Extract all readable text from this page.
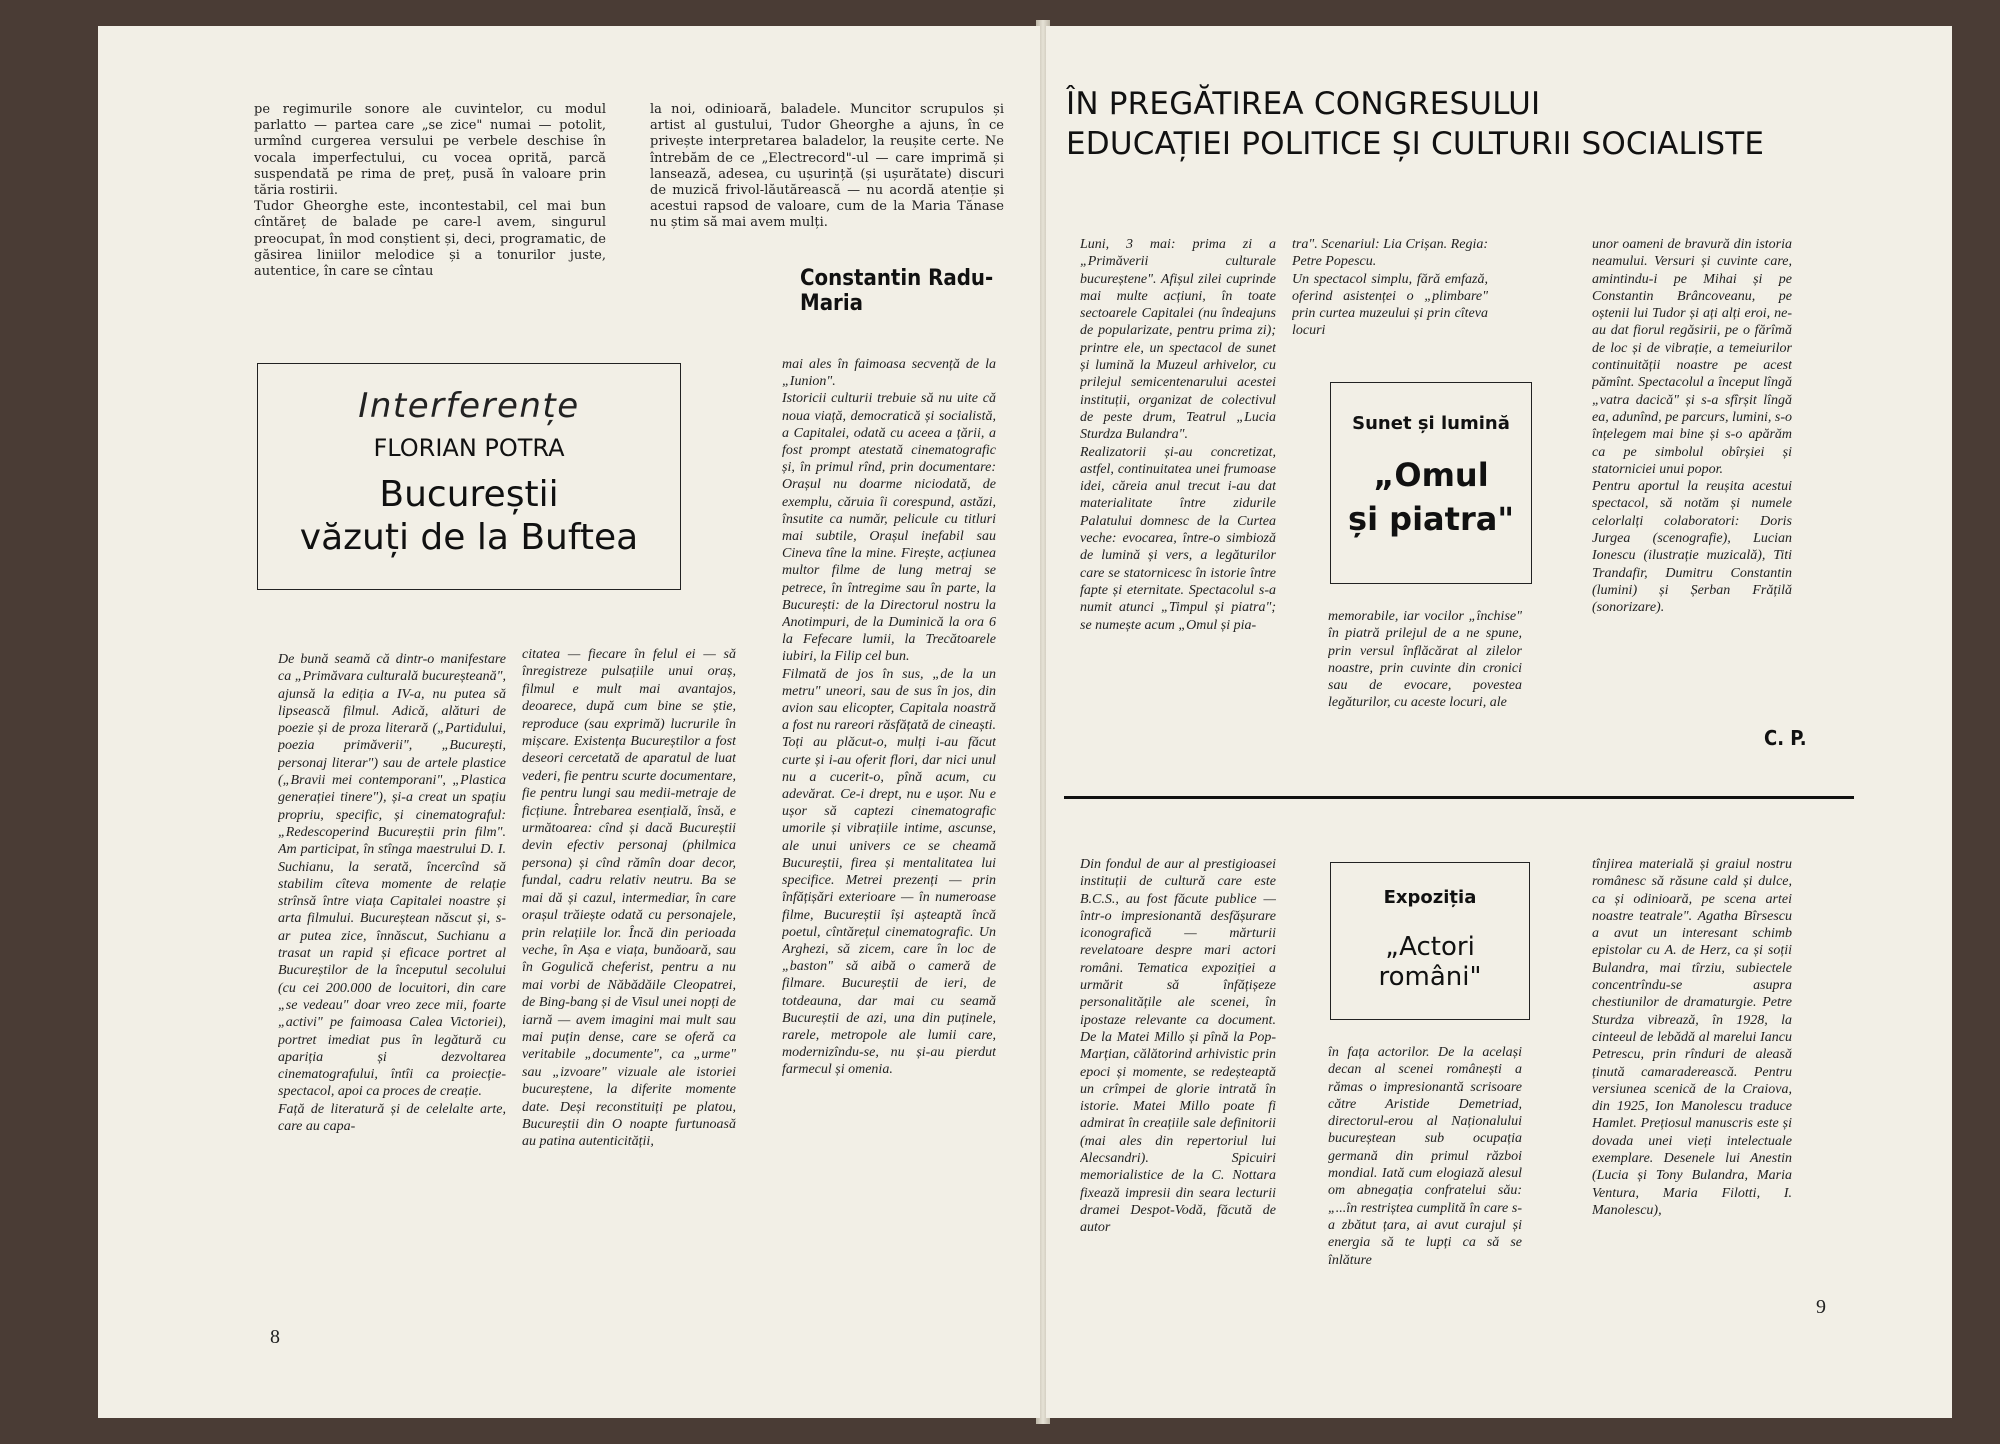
pe regimurile sonore ale cuvintelor, cu modul parlatto — partea care „se zice" numai — potolit, urmînd curgerea versului pe verbele deschise în vocala imperfectului, cu vocea oprită, parcă suspendată pe rima de preț, pusă în valoare prin tăria rostirii.
Tudor Gheorghe este, incontestabil, cel mai bun cîntăreț de balade pe care-l avem, singurul preocupat, în mod conștient și, deci, programatic, de găsirea liniilor melodice și a tonurilor juste, autentice, în care se cîntau
la noi, odinioară, baladele. Muncitor scrupulos și artist al gustului, Tudor Gheorghe a ajuns, în ce privește interpretarea baladelor, la reușite certe. Ne întrebăm de ce „Electrecord"-ul — care imprimă și lansează, adesea, cu ușurință (și ușurătate) discuri de muzică frivol-lăutărească — nu acordă atenție și acestui rapsod de valoare, cum de la Maria Tănase nu știm să mai avem mulți.
Constantin Radu-Maria
Interferențe
FLORIAN POTRA
Bucureștii
văzuți de la Buftea
De bună seamă că dintr-o manifestare ca „Primăvara culturală bucureșteană", ajunsă la ediția a IV-a, nu putea să lipsească filmul. Adică, alături de poezie și de proza literară („Partidului, poezia primăverii", „București, personaj literar") sau de artele plastice („Bravii mei contemporani", „Plastica generației tinere"), și-a creat un spațiu propriu, specific, și cinematograful: „Redescoperind Bucureștii prin film". Am participat, în stînga maestrului D. I. Suchianu, la serată, încercînd să stabilim cîteva momente de relație strînsă între viața Capitalei noastre și arta filmului. Bucureștean născut și, s-ar putea zice, înnăscut, Suchianu a trasat un rapid și eficace portret al Bucureștilor de la începutul secolului (cu cei 200.000 de locuitori, din care „se vedeau" doar vreo zece mii, foarte „activi" pe faimoasa Calea Victoriei), portret imediat pus în legătură cu apariția și dezvoltarea cinematografului, întîi ca proiecție-spectacol, apoi ca proces de creație.
Față de literatură și de celelalte arte, care au capa-
citatea — fiecare în felul ei — să înregistreze pulsațiile unui oraș, filmul e mult mai avantajos, deoarece, după cum bine se știe, reproduce (sau exprimă) lucrurile în mișcare. Existența Bucureștilor a fost deseori cercetată de aparatul de luat vederi, fie pentru scurte documentare, fie pentru lungi sau medii-metraje de ficțiune. Întrebarea esențială, însă, e următoarea: cînd și dacă Bucureștii devin efectiv personaj (philmica persona) și cînd rămîn doar decor, fundal, cadru relativ neutru. Ba se mai dă și cazul, intermediar, în care orașul trăiește odată cu personajele, prin relațiile lor. Încă din perioada veche, în Așa e viața, bunăoară, sau în Gogulică cheferist, pentru a nu mai vorbi de Năbădăile Cleopatrei, de Bing-bang și de Visul unei nopți de iarnă — avem imagini mai mult sau mai puțin dense, care se oferă ca veritabile „documente", ca „urme" sau „izvoare" vizuale ale istoriei bucureștene, la diferite momente date. Deși reconstituiți pe platou, Bucureștii din O noapte furtunoasă au patina autenticității,
mai ales în faimoasa secvență de la „Iunion".
Istoricii culturii trebuie să nu uite că noua viață, democratică și socialistă, a Capitalei, odată cu aceea a țării, a fost prompt atestată cinematografic și, în primul rînd, prin documentare: Orașul nu doarme niciodată, de exemplu, căruia îi corespund, astăzi, însutite ca număr, pelicule cu titluri mai subtile, Orașul inefabil sau Cineva tîne la mine. Firește, acțiunea multor filme de lung metraj se petrece, în întregime sau în parte, la București: de la Directorul nostru la Anotimpuri, de la Duminică la ora 6 la Fefecare lumii, la Trecătoarele iubiri, la Filip cel bun.
Filmată de jos în sus, „de la un metru" uneori, sau de sus în jos, din avion sau elicopter, Capitala noastră a fost nu rareori răsfățată de cineaști. Toți au plăcut-o, mulți i-au făcut curte și i-au oferit flori, dar nici unul nu a cucerit-o, pînă acum, cu adevărat. Ce-i drept, nu e ușor. Nu e ușor să captezi cinematografic umorile și vibrațiile intime, ascunse, ale unui univers ce se cheamă Bucureștii, firea și mentalitatea lui specifice. Metrei prezenți — prin înfățișări exterioare — în numeroase filme, Bucureștii își așteaptă încă poetul, cîntărețul cinematografic. Un Arghezi, să zicem, care în loc de „baston" să aibă o cameră de filmare. Bucureștii de ieri, de totdeauna, dar mai cu seamă Bucureștii de azi, una din puținele, rarele, metropole ale lumii care, modernizîndu-se, nu și-au pierdut farmecul și omenia.
8
ÎN PREGĂTIREA CONGRESULUI
EDUCAȚIEI POLITICE ȘI CULTURII SOCIALISTE
Luni, 3 mai: prima zi a „Primăverii culturale bucureștene". Afișul zilei cuprinde mai multe acțiuni, în toate sectoarele Capitalei (nu îndeajuns de popularizate, pentru prima zi); printre ele, un spectacol de sunet și lumină la Muzeul arhivelor, cu prilejul semicentenarului acestei instituții, organizat de colectivul de peste drum, Teatrul „Lucia Sturdza Bulandra".
Realizatorii și-au concretizat, astfel, continuitatea unei frumoase idei, căreia anul trecut i-au dat materialitate între zidurile Palatului domnesc de la Curtea veche: evocarea, între-o simbioză de lumină și vers, a legăturilor care se statornicesc în istorie între fapte și eternitate. Spectacolul s-a numit atunci „Timpul și piatra"; se numește acum „Omul și pia-
tra". Scenariul: Lia Crișan. Regia: Petre Popescu.
Un spectacol simplu, fără emfază, oferind asistenței o „plimbare" prin curtea muzeului și prin cîteva locuri
Sunet și lumină
„Omul
și piatra"
memorabile, iar vocilor „închise" în piatră prilejul de a ne spune, prin versul înflăcărat al zilelor noastre, prin cuvinte din cronici sau de evocare, povestea legăturilor, cu aceste locuri, ale
unor oameni de bravură din istoria neamului. Versuri și cuvinte care, amintindu-i pe Mihai și pe Constantin Brâncoveanu, pe oștenii lui Tudor și ați alți eroi, ne-au dat fiorul regăsirii, pe o fărîmă de loc și de vibrație, a temeiurilor continuității noastre pe acest pămînt. Spectacolul a început lîngă „vatra dacică" și s-a sfîrșit lîngă ea, adunînd, pe parcurs, lumini, s-o înțelegem mai bine și s-o apărăm ca pe simbolul obîrșiei și statorniciei unui popor.
Pentru aportul la reușita acestui spectacol, să notăm și numele celorlalți colaboratori: Doris Jurgea (scenografie), Lucian Ionescu (ilustrație muzicală), Titi Trandafir, Dumitru Constantin (lumini) și Șerban Frățilă (sonorizare).
C. P.
Din fondul de aur al prestigioasei instituții de cultură care este B.C.S., au fost făcute publice — într-o impresionantă desfășurare iconografică — mărturii revelatoare despre mari actori români. Tematica expoziției a urmărit să înfățișeze personalitățile ale scenei, în ipostaze relevante ca document. De la Matei Millo și pînă la Pop-Marțian, călătorind arhivistic prin epoci și momente, se redeșteaptă un crîmpei de glorie intrată în istorie. Matei Millo poate fi admirat în creațiile sale definitorii (mai ales din repertoriul lui Alecsandri). Spicuiri memorialistice de la C. Nottara fixează impresii din seara lecturii dramei Despot-Vodă, făcută de autor
Expoziția
„Actori români"
în fața actorilor. De la același decan al scenei românești a rămas o impresionantă scrisoare către Aristide Demetriad, directorul-erou al Naționalului bucureștean sub ocupația germană din primul război mondial. Iată cum elogiază alesul om abnegația confratelui său: „...în restriștea cumplită în care s-a zbătut țara, ai avut curajul și energia să te lupți ca să se înlăture
tînjirea materială și graiul nostru românesc să răsune cald și dulce, ca și odinioară, pe scena artei noastre teatrale". Agatha Bîrsescu a avut un interesant schimb epistolar cu A. de Herz, ca și soții Bulandra, mai tîrziu, subiectele concentrîndu-se asupra chestiunilor de dramaturgie. Petre Sturdza vibrează, în 1928, la cinteeul de lebădă al marelui Iancu Petrescu, prin rînduri de aleasă ținută camaraderească. Pentru versiunea scenică de la Craiova, din 1925, Ion Manolescu traduce Hamlet. Prețiosul manuscris este și dovada unei vieți intelectuale exemplare. Desenele lui Anestin (Lucia și Tony Bulandra, Maria Ventura, Maria Filotti, I. Manolescu),
9
